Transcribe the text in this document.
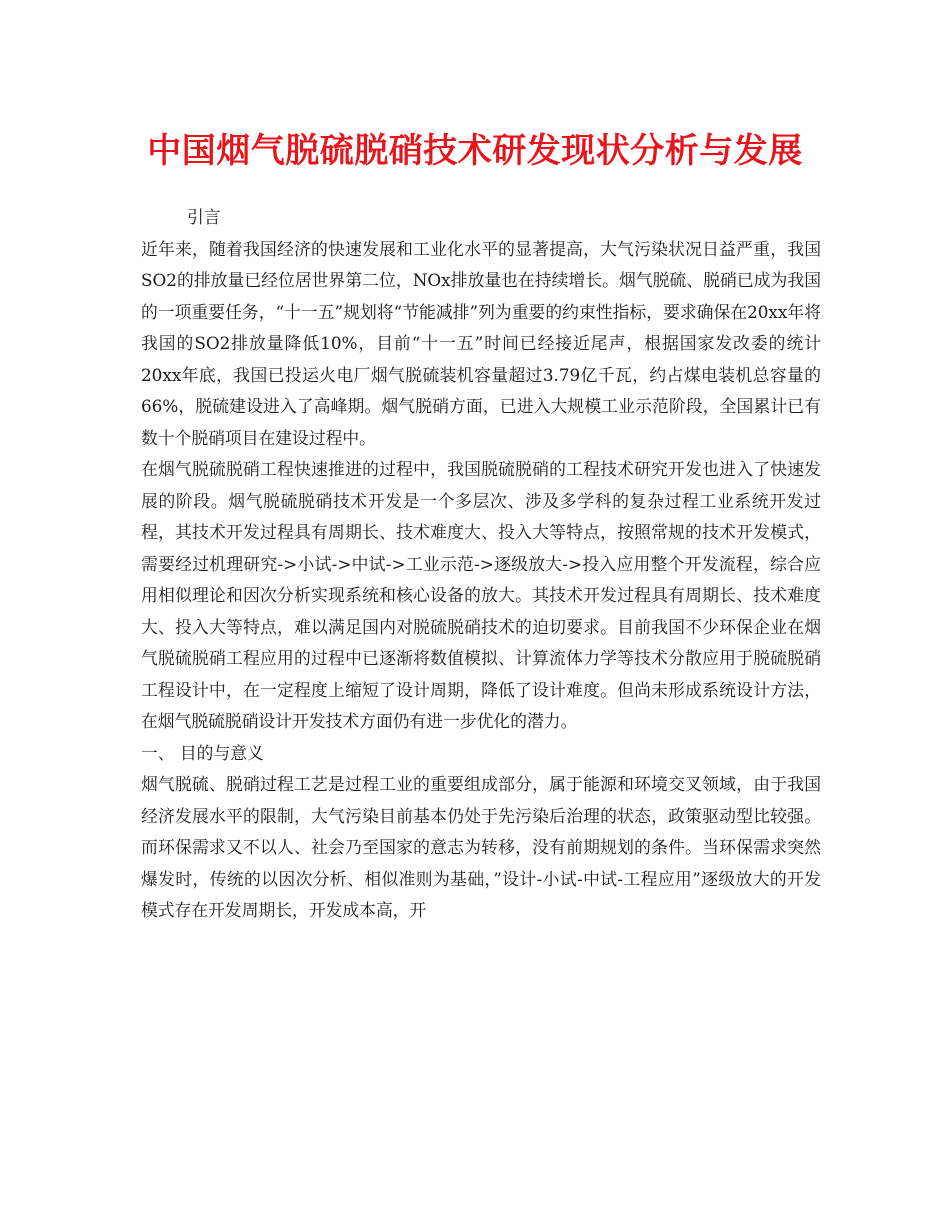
中国烟气脱硫脱硝技术研发现状分析与发展

引言

近年来，随着我国经济的快速发展和工业化水平的显著提高，大气污染状况日益严重，我国SO2的排放量已经位居世界第二位，NOx排放量也在持续增长。烟气脱硫、脱硝已成为我国的一项重要任务，“十一五”规划将“节能减排”列为重要的约束性指标，要求确保在20xx年将我国的SO2排放量降低10%，目前“十一五”时间已经接近尾声，根据国家发改委的统计20xx年底，我国已投运火电厂烟气脱硫装机容量超过3.79亿千瓦，约占煤电装机总容量的66%，脱硫建设进入了高峰期。烟气脱硝方面，已进入大规模工业示范阶段，全国累计已有数十个脱硝项目在建设过程中。

在烟气脱硫脱硝工程快速推进的过程中，我国脱硫脱硝的工程技术研究开发也进入了快速发展的阶段。烟气脱硫脱硝技术开发是一个多层次、涉及多学科的复杂过程工业系统开发过程，其技术开发过程具有周期长、技术难度大、投入大等特点，按照常规的技术开发模式，需要经过机理研究->小试->中试->工业示范->逐级放大->投入应用整个开发流程，综合应用相似理论和因次分析实现系统和核心设备的放大。其技术开发过程具有周期长、技术难度大、投入大等特点，难以满足国内对脱硫脱硝技术的迫切要求。目前我国不少环保企业在烟气脱硫脱硝工程应用的过程中已逐渐将数值模拟、计算流体力学等技术分散应用于脱硫脱硝工程设计中，在一定程度上缩短了设计周期，降低了设计难度。但尚未形成系统设计方法，在烟气脱硫脱硝设计开发技术方面仍有进一步优化的潜力。

一、 目的与意义

烟气脱硫、脱硝过程工艺是过程工业的重要组成部分，属于能源和环境交叉领域，由于我国经济发展水平的限制，大气污染目前基本仍处于先污染后治理的状态，政策驱动型比较强。而环保需求又不以人、社会乃至国家的意志为转移，没有前期规划的条件。当环保需求突然爆发时，传统的以因次分析、相似准则为基础，”设计-小试-中试-工程应用”逐级放大的开发模式存在开发周期长，开发成本高，开
